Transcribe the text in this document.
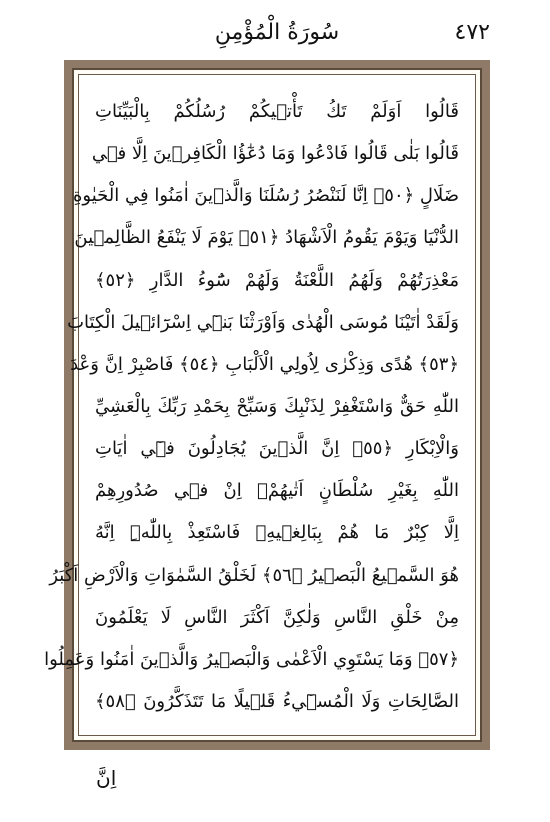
٤٧٢
سُورَةُ الْمُؤْمِنِ
قَالُوا اَوَلَمْ تَكُ تَأْت۪يكُمْ رُسُلُكُمْ بِالْبَيِّنَاتِ
قَالُوا بَلٰى قَالُوا فَادْعُوا وَمَا دُعٰٓؤُا الْكَافِر۪ينَ اِلَّا ف۪ي
ضَلَالٍ ﴿٥٠﴾ اِنَّا لَنَنْصُرُ رُسُلَنَا وَالَّذ۪ينَ اٰمَنُوا فِي الْحَيٰوةِ
الدُّنْيَا وَيَوْمَ يَقُومُ الْاَشْهَادُ ﴿٥١﴾ يَوْمَ لَا يَنْفَعُ الظَّالِم۪ينَ
مَعْذِرَتُهُمْ وَلَهُمُ اللَّعْنَةُ وَلَهُمْ سُٓوءُ الدَّارِ ﴿٥٢﴾
وَلَقَدْ اٰتَيْنَا مُوسَى الْهُدٰى وَاَوْرَثْنَا بَن۪ٓي اِسْرَٓائ۪يلَ الْكِتَابَ
﴿٥٣﴾ هُدًى وَذِكْرٰى لِاُولِي الْاَلْبَابِ ﴿٥٤﴾ فَاصْبِرْ اِنَّ وَعْدَ
اللّٰهِ حَقٌّ وَاسْتَغْفِرْ لِذَنْبِكَ وَسَبِّحْ بِحَمْدِ رَبِّكَ بِالْعَشِيِّ
وَالْاِبْكَارِ ﴿٥٥﴾ اِنَّ الَّذ۪ينَ يُجَادِلُونَ ف۪ٓي اٰيَاتِ
اللّٰهِ بِغَيْرِ سُلْطَانٍ اَتٰيهُمْۙ اِنْ ف۪ي صُدُورِهِمْ
اِلَّا كِبْرٌ مَا هُمْ بِبَالِغ۪يهِۚ فَاسْتَعِذْ بِاللّٰهِۜ اِنَّهُ
هُوَ السَّم۪يعُ الْبَص۪يرُ ﴿٥٦﴾ لَخَلْقُ السَّمٰوَاتِ وَالْاَرْضِ اَكْبَرُ
مِنْ خَلْقِ النَّاسِ وَلٰكِنَّ اَكْثَرَ النَّاسِ لَا يَعْلَمُونَ
﴿٥٧﴾ وَمَا يَسْتَوِي الْاَعْمٰى وَالْبَص۪يرُ وَالَّذ۪ينَ اٰمَنُوا وَعَمِلُوا
الصَّالِحَاتِ وَلَا الْمُس۪ٓيءُ قَل۪يلًا مَا تَتَذَكَّرُونَ ﴿٥٨﴾
اِنَّ
